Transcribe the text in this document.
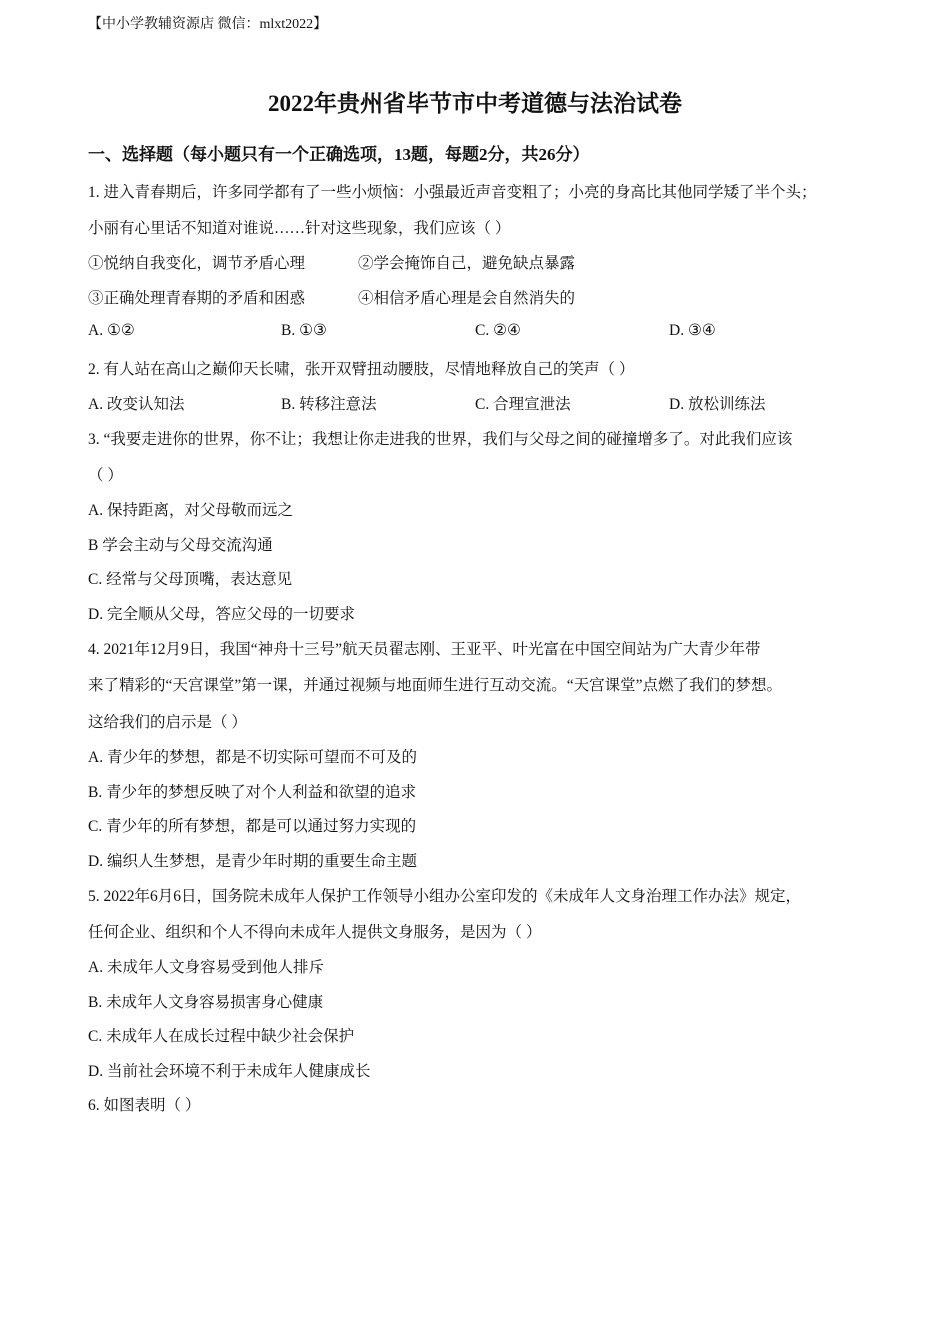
【中小学教辅资源店 微信：mlxt2022】
2022年贵州省毕节市中考道德与法治试卷
一、选择题（每小题只有一个正确选项，13题，每题2分，共26分）
1. 进入青春期后，许多同学都有了一些小烦恼：小强最近声音变粗了；小亮的身高比其他同学矮了半个头；
小丽有心里话不知道对谁说……针对这些现象，我们应该（ ）
①悦纳自我变化，调节矛盾心理	②学会掩饰自己，避免缺点暴露
③正确处理青春期的矛盾和困惑	④相信矛盾心理是会自然消失的
A. ①②	B. ①③	C. ②④	D. ③④
2. 有人站在高山之巅仰天长啸，张开双臂扭动腰肢，尽情地释放自己的笑声（ ）
A. 改变认知法	B. 转移注意法	C. 合理宣泄法	D. 放松训练法
3. “我要走进你的世界，你不让；我想让你走进我的世界，我们与父母之间的碰撞增多了。对此我们应该
（ ）
A. 保持距离，对父母敬而远之
B 学会主动与父母交流沟通
C. 经常与父母顶嘴，表达意见
D. 完全顺从父母，答应父母的一切要求
4. 2021年12月9日，我国“神舟十三号”航天员翟志刚、王亚平、叶光富在中国空间站为广大青少年带
来了精彩的“天宫课堂”第一课，并通过视频与地面师生进行互动交流。“天宫课堂”点燃了我们的梦想。
这给我们的启示是（ ）
A. 青少年的梦想，都是不切实际可望而不可及的
B. 青少年的梦想反映了对个人利益和欲望的追求
C. 青少年的所有梦想，都是可以通过努力实现的
D. 编织人生梦想，是青少年时期的重要生命主题
5. 2022年6月6日，国务院未成年人保护工作领导小组办公室印发的《未成年人文身治理工作办法》规定，
任何企业、组织和个人不得向未成年人提供文身服务，是因为（ ）
A. 未成年人文身容易受到他人排斥
B. 未成年人文身容易损害身心健康
C. 未成年人在成长过程中缺少社会保护
D. 当前社会环境不利于未成年人健康成长
6. 如图表明（ ）
